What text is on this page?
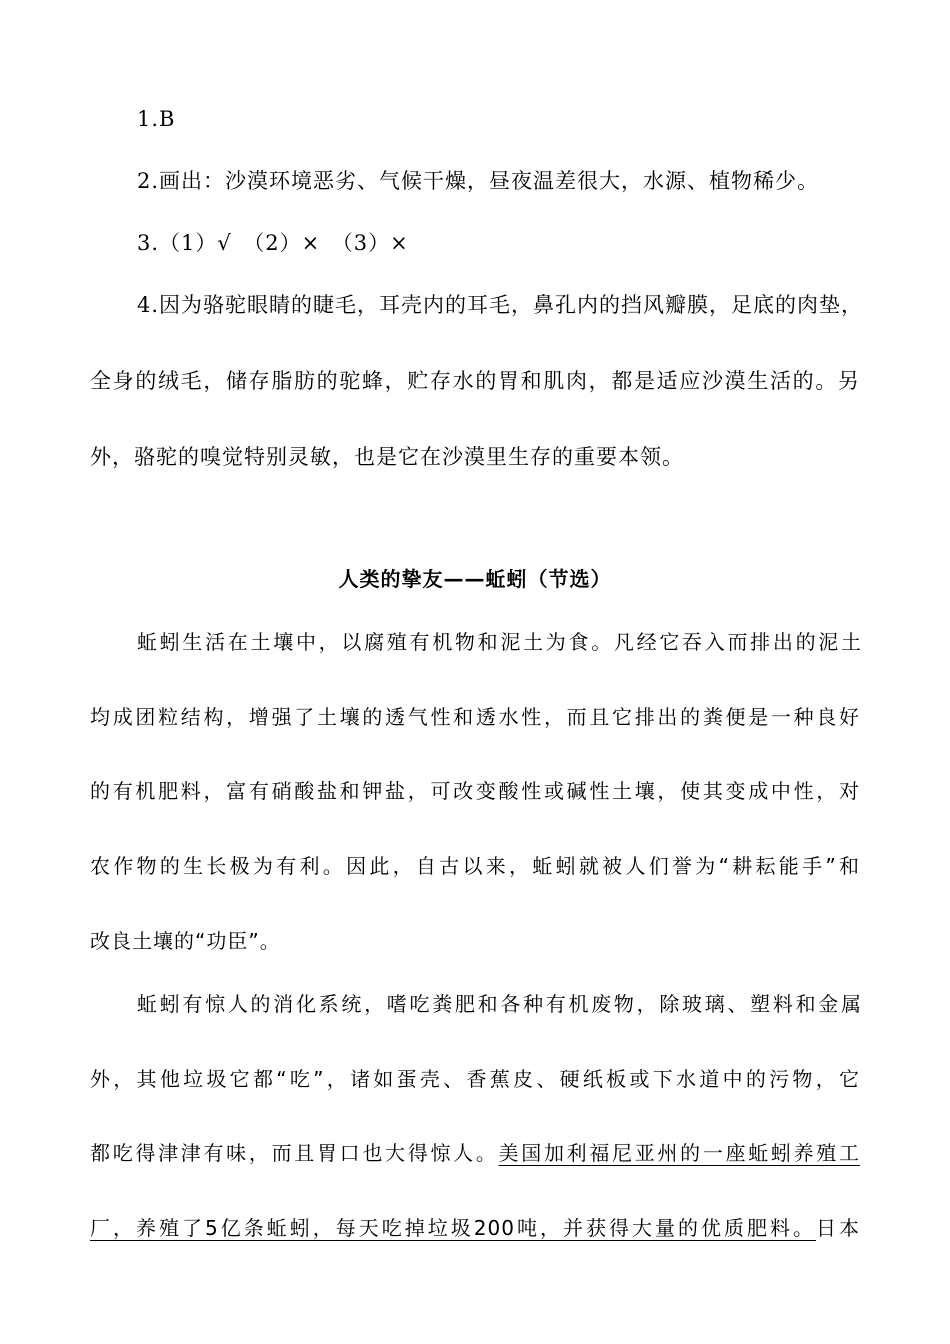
1.B
2.画出：沙漠环境恶劣、气候干燥，昼夜温差很大，水源、植物稀少。
3.（1）√　（2）×　（3）×
4.因为骆驼眼睛的睫毛，耳壳内的耳毛，鼻孔内的挡风瓣膜，足底的肉垫，
全身的绒毛，储存脂肪的驼蜂，贮存水的胃和肌肉，都是适应沙漠生活的。另
外，骆驼的嗅觉特别灵敏，也是它在沙漠里生存的重要本领。
人类的挚友——蚯蚓（节选）
蚯蚓生活在土壤中，以腐殖有机物和泥土为食。凡经它吞入而排出的泥土
均成团粒结构，增强了土壤的透气性和透水性，而且它排出的粪便是一种良好
的有机肥料，富有硝酸盐和钾盐，可改变酸性或碱性土壤，使其变成中性，对
农作物的生长极为有利。因此，自古以来，蚯蚓就被人们誉为“耕耘能手”和
改良土壤的“功臣”。
蚯蚓有惊人的消化系统，嗜吃粪肥和各种有机废物，除玻璃、塑料和金属
外，其他垃圾它都“吃”，诸如蛋壳、香蕉皮、硬纸板或下水道中的污物，它
都吃得津津有味，而且胃口也大得惊人。美国加利福尼亚州的一座蚯蚓养殖工
厂，养殖了5亿条蚯蚓，每天吃掉垃圾200吨，并获得大量的优质肥料。日本
